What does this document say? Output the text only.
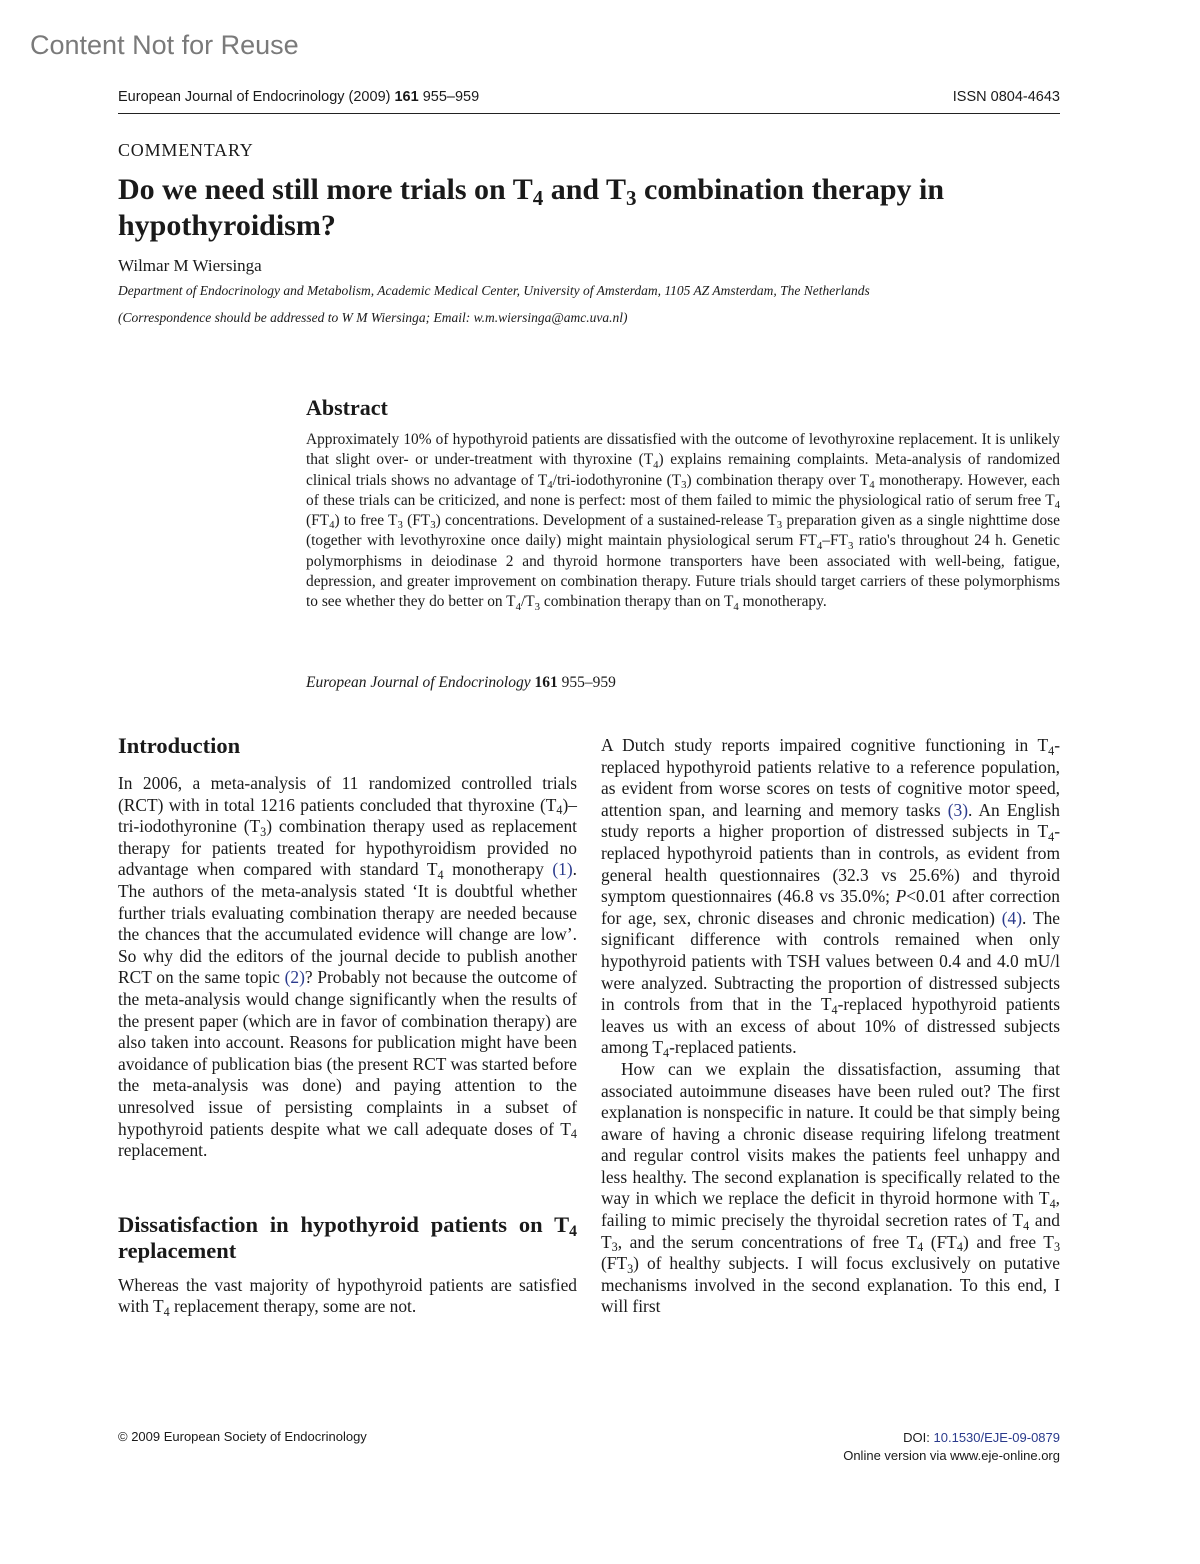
Content Not for Reuse
European Journal of Endocrinology (2009) 161 955–959	ISSN 0804-4643
COMMENTARY
Do we need still more trials on $T_4$ and $T_3$ combination therapy in hypothyroidism?
Wilmar M Wiersinga
Department of Endocrinology and Metabolism, Academic Medical Center, University of Amsterdam, 1105 AZ Amsterdam, The Netherlands
(Correspondence should be addressed to W M Wiersinga; Email: w.m.wiersinga@amc.uva.nl)
Abstract

Approximately 10% of hypothyroid patients are dissatisfied with the outcome of levothyroxine replacement. It is unlikely that slight over- or under-treatment with thyroxine $(T_4)$ explains remaining complaints. Meta-analysis of randomized clinical trials shows no advantage of $T_4/tri$-iodothyronine $(T_3)$ combination therapy over $T_4$ monotherapy. However, each of these trials can be criticized, and none is perfect: most of them failed to mimic the physiological ratio of serum free $T_4$ $(FT_4)$ to free $T_3$ $(FT_3)$ concentrations. Development of a sustained-release $T_3$ preparation given as a single nighttime dose (together with levothyroxine once daily) might maintain physiological serum $FT_4-FT_3$ ratio's throughout 24 h. Genetic polymorphisms in deiodinase 2 and thyroid hormone transporters have been associated with well-being, fatigue, depression, and greater improvement on combination therapy. Future trials should target carriers of these polymorphisms to see whether they do better on $T_4/T_3$ combination therapy than on $T_4$ monotherapy.

European Journal of Endocrinology 161 955–959
Introduction

In 2006, a meta-analysis of 11 randomized controlled trials (RCT) with in total 1216 patients concluded that thyroxine $(T_4)-tri$-iodothyronine $(T_3)$ combination therapy used as replacement therapy for patients treated for hypothyroidism provided no advantage when compared with standard $T_4$ monotherapy (1). The authors of the meta-analysis stated ‘It is doubtful whether further trials evaluating combination therapy are needed because the chances that the accumulated evidence will change are low’. So why did the editors of the journal decide to publish another RCT on the same topic (2)? Probably not because the outcome of the meta-analysis would change significantly when the results of the present paper (which are in favor of combination therapy) are also taken into account. Reasons for publication might have been avoidance of publication bias (the present RCT was started before the meta-analysis was done) and paying attention to the unresolved issue of persisting complaints in a subset of hypothyroid patients despite what we call adequate doses of $T_4$ replacement.

Dissatisfaction in hypothyroid patients on $T_4$ replacement

Whereas the vast majority of hypothyroid patients are satisfied with $T_4$ replacement therapy, some are not.

A Dutch study reports impaired cognitive functioning in $T_4$-replaced hypothyroid patients relative to a reference population, as evident from worse scores on tests of cognitive motor speed, attention span, and learning and memory tasks (3). An English study reports a higher proportion of distressed subjects in $T_4$-replaced hypothyroid patients than in controls, as evident from general health questionnaires (32.3 vs 25.6%) and thyroid symptom questionnaires (46.8 vs 35.0%; P<0.01 after correction for age, sex, chronic diseases and chronic medication) (4). The significant difference with controls remained when only hypothyroid patients with TSH values between 0.4 and 4.0 mU/l were analyzed. Subtracting the proportion of distressed subjects in controls from that in the $T_4$-replaced hypothyroid patients leaves us with an excess of about 10% of distressed subjects among $T_4$-replaced patients.

How can we explain the dissatisfaction, assuming that associated autoimmune diseases have been ruled out? The first explanation is nonspecific in nature. It could be that simply being aware of having a chronic disease requiring lifelong treatment and regular control visits makes the patients feel unhappy and less healthy. The second explanation is specifically related to the way in which we replace the deficit in thyroid hormone with $T_4$, failing to mimic precisely the thyroidal secretion rates of $T_4$ and $T_3$, and the serum concentrations of free $T_4$ $(FT_4)$ and free $T_3$ $(FT_3)$ of healthy subjects. I will focus exclusively on putative mechanisms involved in the second explanation. To this end, I will first

© 2009 European Society of Endocrinology	DOI: 10.1530/EJE-09-0879
Online version via www.eje-online.org
